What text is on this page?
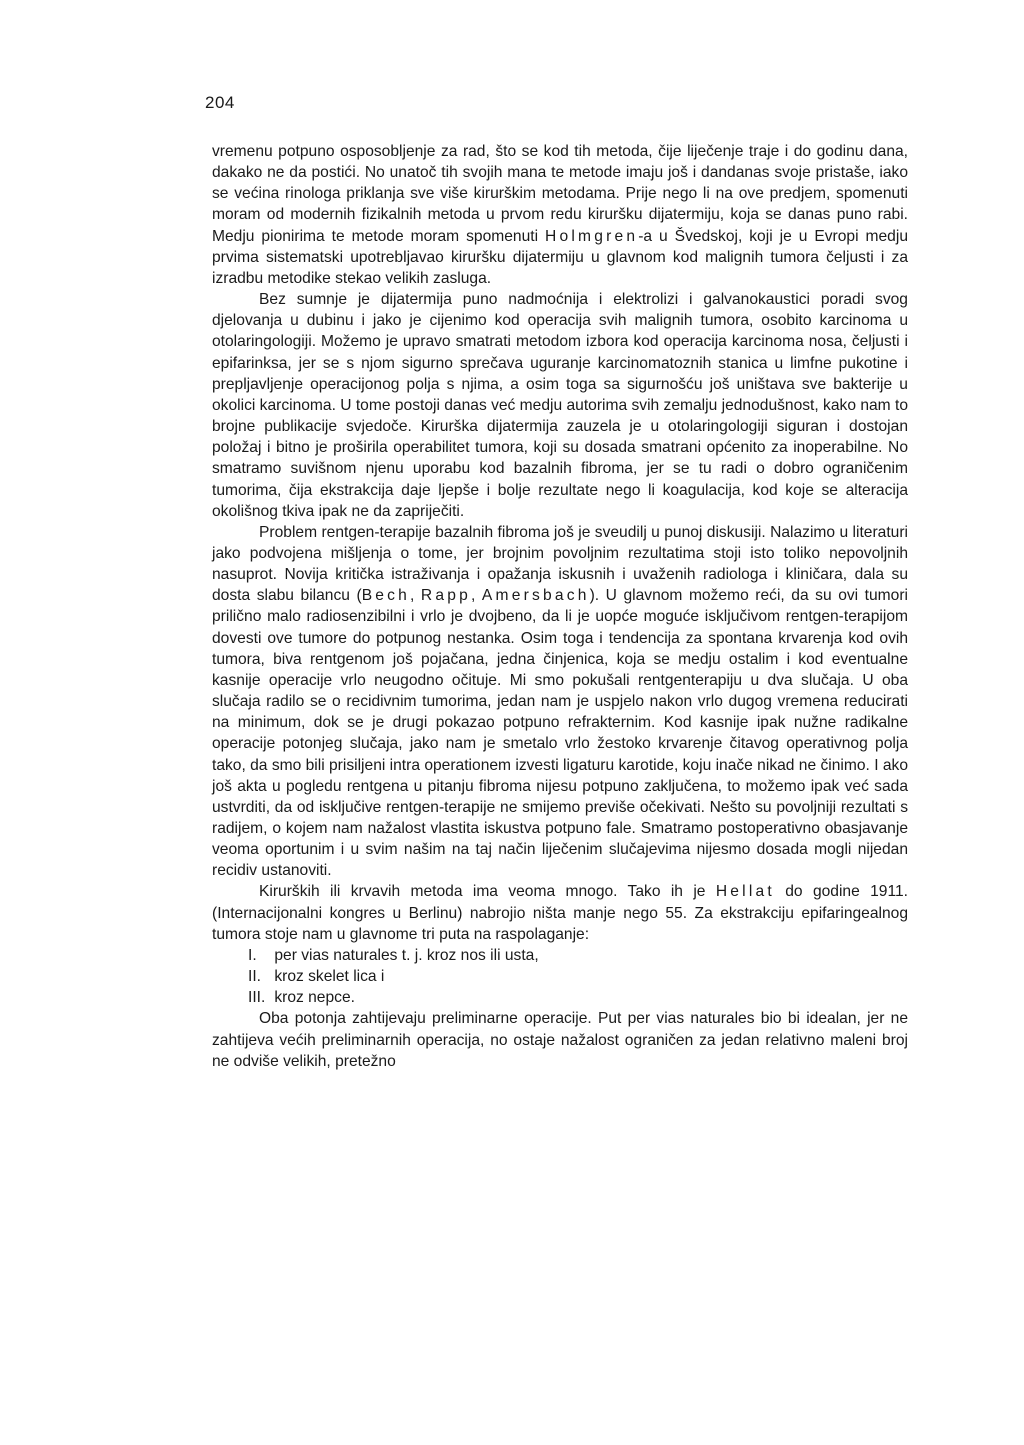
204

vremenu potpuno osposobljenje za rad, što se kod tih metoda, čije liječenje traje i do godinu dana, dakako ne da postići. No unatoč tih svojih mana te metode imaju još i dandanas svoje pristaše, iako se većina rinologa priklanja sve više kirurškim metodama. Prije nego li na ove predjem, spomenuti moram od modernih fizikalnih metoda u prvom redu kiruršku dijatermiju, koja se danas puno rabi. Medju pionirima te metode moram spomenuti Holmgren-a u Švedskoj, koji je u Evropi medju prvima sistematski upotrebljavao kiruršku dijatermiju u glavnom kod malignih tumora čeljusti i za izradbu metodike stekao velikih zasluga.

Bez sumnje je dijatermija puno nadmoćnija i elektrolizi i galvanokaustici poradi svog djelovanja u dubinu i jako je cijenimo kod operacija svih malignih tumora, osobito karcinoma u otolaringologiji. Možemo je upravo smatrati metodom izbora kod operacija karcinoma nosa, čeljusti i epifarinksa, jer se s njom sigurno sprečava uguranje karcinomatoznih stanica u limfne pukotine i prepljavljenje operacijonog polja s njima, a osim toga sa sigurnošću još uništava sve bakterije u okolici karcinoma. U tome postoji danas već medju autorima svih zemalju jednodušnost, kako nam to brojne publikacije svjedoče. Kirurška dijatermija zauzela je u otolaringologiji siguran i dostojan položaj i bitno je proširila operabilitet tumora, koji su dosada smatrani općenito za inoperabilne. No smatramo suvišnom njenu uporabu kod bazalnih fibroma, jer se tu radi o dobro ograničenim tumorima, čija ekstrakcija daje ljepše i bolje rezultate nego li koagulacija, kod koje se alteracija okolišnog tkiva ipak ne da zapriječiti.

Problem rentgen-terapije bazalnih fibroma još je sveudilj u punoj diskusiji. Nalazimo u literaturi jako podvojena mišljenja o tome, jer brojnim povoljnim rezultatima stoji isto toliko nepovoljnih nasuprot. Novija kritička istraživanja i opažanja iskusnih i uvaženih radiologa i kliničara, dala su dosta slabu bilancu (Bech, Rapp, Amersbach). U glavnom možemo reći, da su ovi tumori prilično malo radiosenzibilni i vrlo je dvojbeno, da li je uopće moguće isključivom rentgen-terapijom dovesti ove tumore do potpunog nestanka. Osim toga i tendencija za spontana krvarenja kod ovih tumora, biva rentgenom još pojačana, jedna činjenica, koja se medju ostalim i kod eventualne kasnije operacije vrlo neugodno očituje. Mi smo pokušali rentgenterapiju u dva slučaja. U oba slučaja radilo se o recidivnim tumorima, jedan nam je uspjelo nakon vrlo dugog vremena reducirati na minimum, dok se je drugi pokazao potpuno refrakternim. Kod kasnije ipak nužne radikalne operacije potonjeg slučaja, jako nam je smetalo vrlo žestoko krvarenje čitavog operativnog polja tako, da smo bili prisiljeni intra operationem izvesti ligaturu karotide, koju inače nikad ne činimo. I ako još akta u pogledu rentgena u pitanju fibroma nijesu potpuno zaključena, to možemo ipak već sada ustvrditi, da od isključive rentgen-terapije ne smijemo previše očekivati. Nešto su povoljniji rezultati s radijem, o kojem nam nažalost vlastita iskustva potpuno fale. Smatramo postoperativno obasjavanje veoma oportunim i u svim našim na taj način liječenim slučajevima nijesmo dosada mogli nijedan recidiv ustanoviti.

Kirurških ili krvavih metoda ima veoma mnogo. Tako ih je Hellat do godine 1911. (Internacijonalni kongres u Berlinu) nabrojio ništa manje nego 55. Za ekstrakciju epifaringealnog tumora stoje nam u glavnome tri puta na raspolaganje:

I. per vias naturales t. j. kroz nos ili usta,
II. kroz skelet lica i
III. kroz nepce.

Oba potonja zahtijevaju preliminarne operacije. Put per vias naturales bio bi idealan, jer ne zahtijeva većih preliminarnih operacija, no ostaje nažalost ograničen za jedan relativno maleni broj ne odviše velikih, pretežno
